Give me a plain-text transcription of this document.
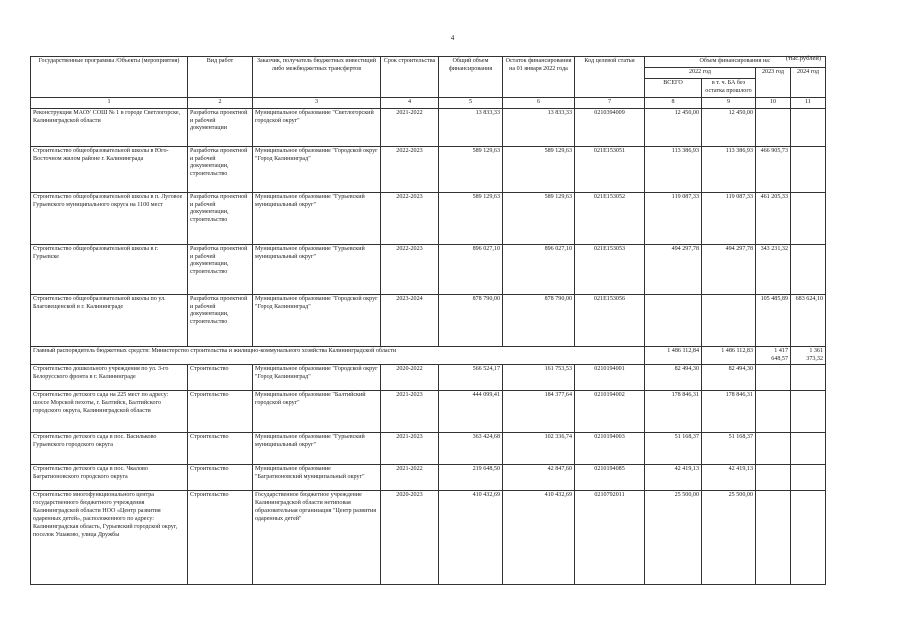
4
(тыс.рублей)
Государственные программы /Объекты (мероприятия)	Вид работ	Заказчик, получатель бюджетных инвестиций либо межбюджетных трансфертов	Срок строительства	Общий объем финансирования	Остаток финансирования на 01 января 2022 года	Код целевой статьи	Объем финансирования на:			
							2022 год		2023 год	2024 год
							ВСЕГО	в т. ч. БА без остатка прошлого		
1	2	3	4	5	6	7	8	9	10	11
Реконструкция МАОУ СОШ № 1 в городе Светлогорске, Калининградской области	Разработка проектной и рабочей документации	Муниципальное образование "Светлогорский городской округ"	2021-2022	13 833,33	13 833,33	0210394009	12 450,00	12 450,00		
Строительство общеобразовательной школы в Юго-Восточном жилом районе г. Калининграда	Разработка проектной и рабочей документации, строительство	Муниципальное образование "Городской округ "Город Калининград"	2022-2023	589 129,63	589 129,63	021E153051	113 386,93	113 386,93	466 905,73	
Строительство общеобразовательной школы в п. Луговое Гурьевского муниципального округа на 1100 мест	Разработка проектной и рабочей документации, строительство	Муниципальное образование "Гурьевский муниципальный округ"	2022-2023	589 129,63	589 129,63	021E153052	119 087,33	119 087,33	461 205,33	
Строительство общеобразовательной школы в г. Гурьевске	Разработка проектной и рабочей документации, строительство	Муниципальное образование "Гурьевский муниципальный округ"	2022-2023	896 027,10	896 027,10	021E153053	494 297,78	494 297,78	343 231,32	
Строительство общеобразовательной школы по ул. Благовещенской в г. Калининграде	Разработка проектной и рабочей документации, строительство	Муниципальное образование "Городской округ "Город Калининград"	2023-2024	878 790,00	878 790,00	021E153056			105 485,89	683 624,10
Главный распорядитель бюджетных средств: Министерство строительства и жилищно-коммунального хозяйства Калининградской области							1 486 112,84	1 486 112,83	1 417 648,57	1 361 373,32
Строительство дошкольного учреждения по ул. 3-го Белорусского фронта в г. Калининграде	Строительство	Муниципальное образование "Городской округ "Город Калининград"	2020-2022	566 524,17	161 753,53	0210194001	82 494,30	82 494,30		
Строительство детского сада на 225 мест по адресу: шоссе Морской пехоты, г. Балтийск, Балтийского городского округа, Калининградской области	Строительство	Муниципальное образование "Балтийский городской округ"	2021-2023	444 099,41	184 377,64	0210194002	178 846,31	178 846,31		
Строительство детского сада в пос. Васильково Гурьевского городского округа	Строительство	Муниципальное образование "Гурьевский муниципальный округ"	2021-2023	363 424,68	102 336,74	0210194003	51 168,37	51 168,37		
Строительство детского сада в пос. Чкалово Багратионовского городского округа	Строительство	Муниципальное образование "Багратионовский муниципальный округ"	2021-2022	219 648,50	42 847,60	0210194085	42 419,13	42 419,13		
Строительство многофункционального центра государственного бюджетного учреждения Калининградской области НОО «Центр развития одаренных детей», расположенного по адресу: Калининградская область, Гурьевский городской округ, поселок Ушаково, улица Дружбы	Строительство	Государственное бюджетное учреждение Калининградской области нетиповая образовательная организация "Центр развития одаренных детей"	2020-2023	410 432,69	410 432,69	0210792011	25 500,00	25 500,00		
